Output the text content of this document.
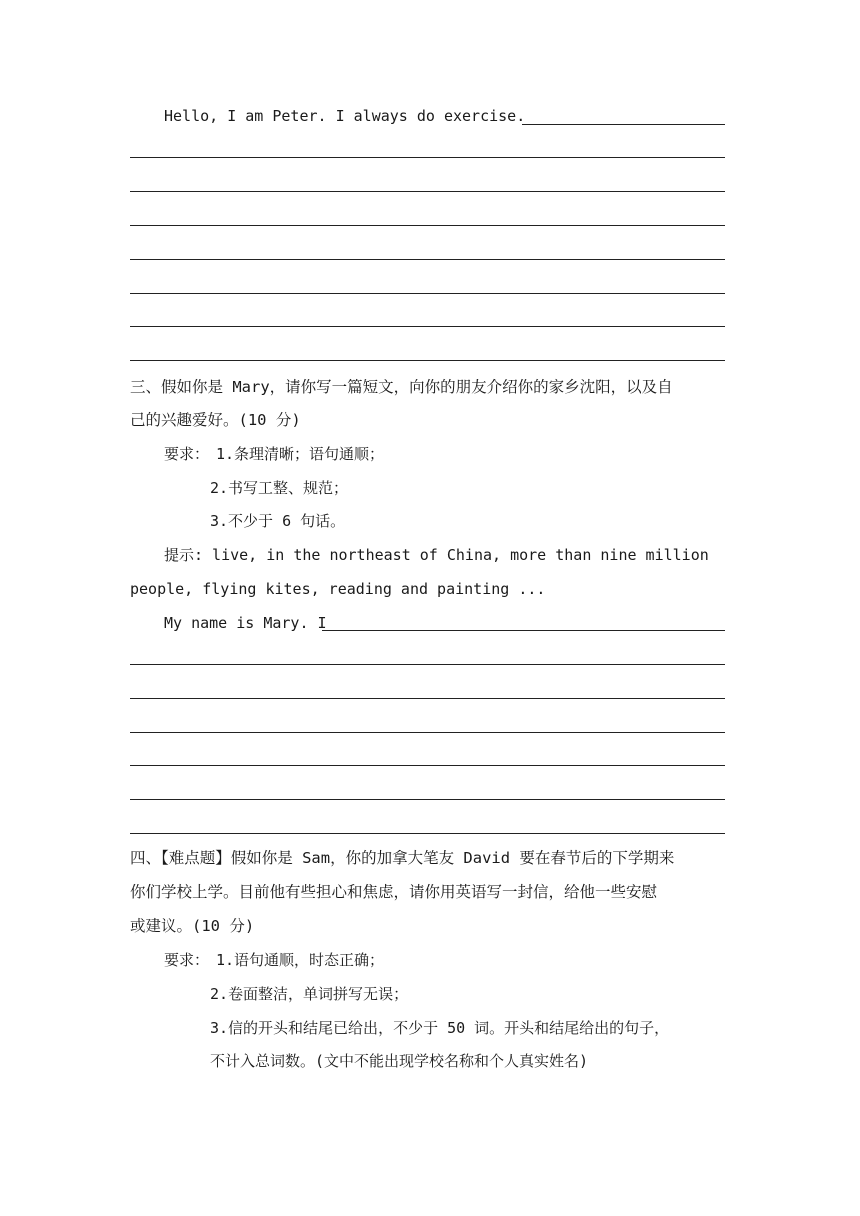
Hello, I am Peter. I always do exercise.
三、假如你是 Mary，请你写一篇短文，向你的朋友介绍你的家乡沈阳，以及自
己的兴趣爱好。(10 分)
要求： 1.条理清晰；语句通顺；
2.书写工整、规范；
3.不少于 6 句话。
提示: live, in the northeast of China, more than nine million
people, flying kites, reading and painting ...
My name is Mary. I
四、【难点题】假如你是 Sam，你的加拿大笔友 David 要在春节后的下学期来
你们学校上学。目前他有些担心和焦虑，请你用英语写一封信，给他一些安慰
或建议。(10 分)
要求： 1.语句通顺，时态正确；
2.卷面整洁，单词拼写无误；
3.信的开头和结尾已给出，不少于 50 词。开头和结尾给出的句子，
不计入总词数。(文中不能出现学校名称和个人真实姓名)
